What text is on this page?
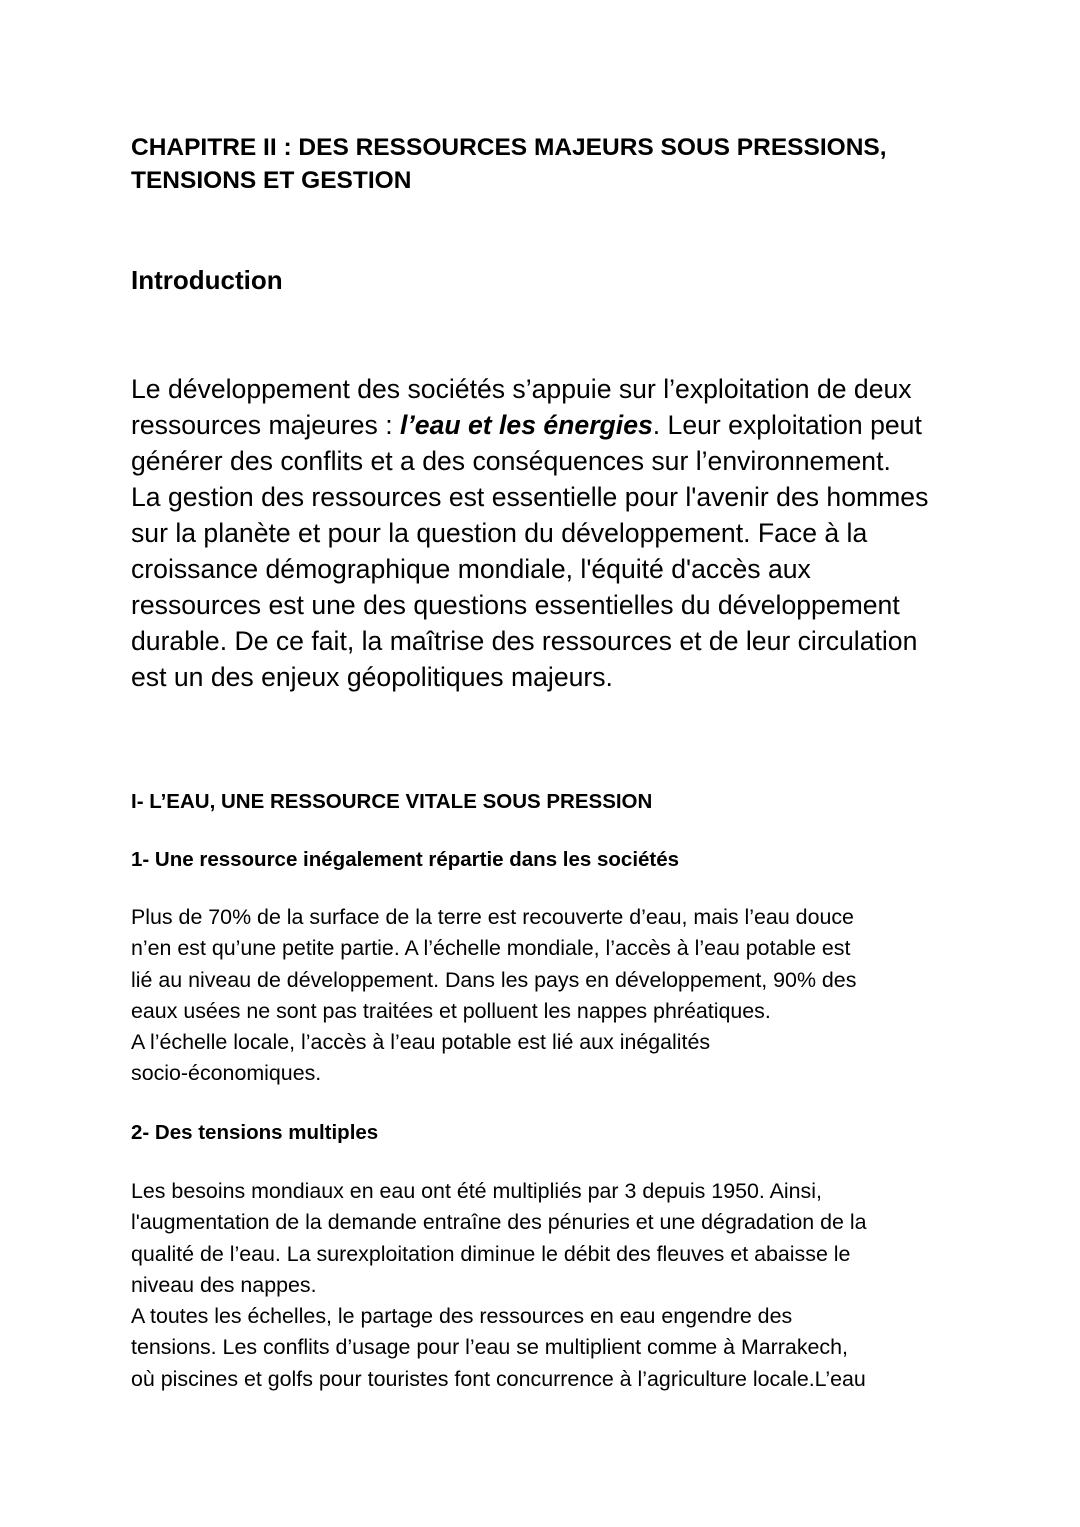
CHAPITRE II : DES RESSOURCES MAJEURS SOUS PRESSIONS,
TENSIONS ET GESTION
Introduction

Le développement des sociétés s’appuie sur l’exploitation de deux
ressources majeures : l’eau et les énergies. Leur exploitation peut
générer des conflits et a des conséquences sur l’environnement.
La gestion des ressources est essentielle pour l'avenir des hommes
sur la planète et pour la question du développement. Face à la
croissance démographique mondiale, l'équité d'accès aux
ressources est une des questions essentielles du développement
durable. De ce fait, la maîtrise des ressources et de leur circulation
est un des enjeux géopolitiques majeurs.

I- L’EAU, UNE RESSOURCE VITALE SOUS PRESSION
1- Une ressource inégalement répartie dans les sociétés

Plus de 70% de la surface de la terre est recouverte d’eau, mais l’eau douce
n’en est qu’une petite partie. A l’échelle mondiale, l’accès à l’eau potable est
lié au niveau de développement. Dans les pays en développement, 90% des
eaux usées ne sont pas traitées et polluent les nappes phréatiques.
A l’échelle locale, l’accès à l’eau potable est lié aux inégalités
socio-économiques.

2- Des tensions multiples

Les besoins mondiaux en eau ont été multipliés par 3 depuis 1950. Ainsi,
l'augmentation de la demande entraîne des pénuries et une dégradation de la
qualité de l’eau. La surexploitation diminue le débit des fleuves et abaisse le
niveau des nappes.
A toutes les échelles, le partage des ressources en eau engendre des
tensions. Les conflits d’usage pour l’eau se multiplient comme à Marrakech,
où piscines et golfs pour touristes font concurrence à l’agriculture locale.L’eau
